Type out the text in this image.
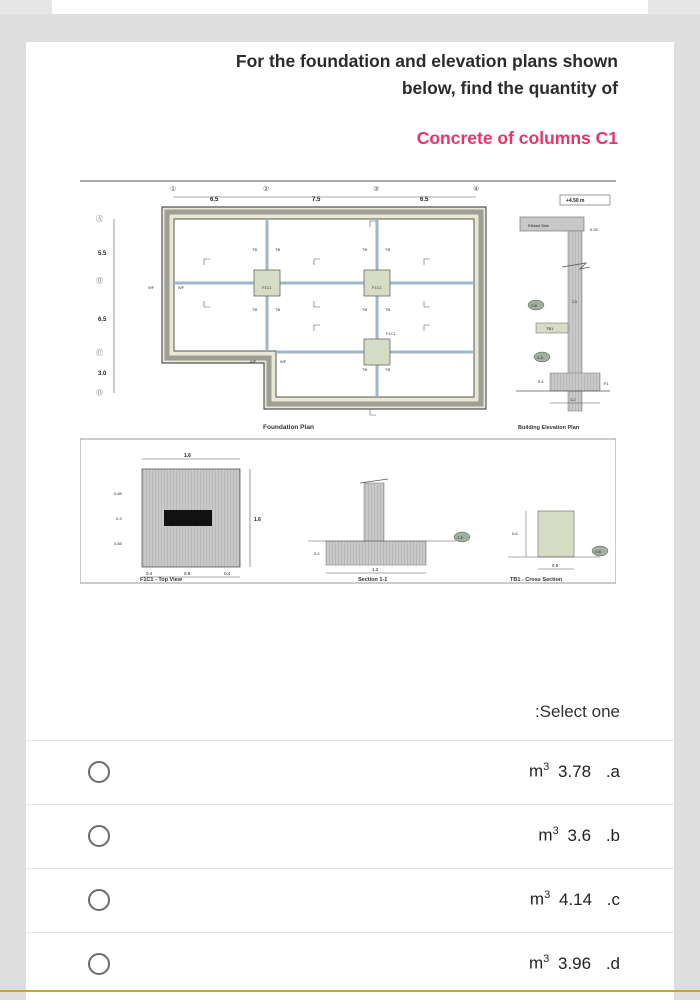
For the foundation and elevation plans shown
below, find the quantity of
Concrete of columns C1
①	②	③	④
6.5	7.5	6.5
Ⓐ
Ⓑ
Ⓒ
Ⓓ
5.5
6.5
3.0
F1C1	F1C1
F1C1
TB	TB	TB	TB
TB	TB	TB	TB
TB	TB
WF	WF
WF	WF
Foundation Plan
+4.50 m
Ribbed Slab
0.25
C1
TB1
-0.8
-1.5
F1
0.4
1.2
Building Elevation Plan
1.6
1.6
0.4	0.8	0.4
0.65
0.3
0.65
F1C1 - Top View
1.2
0.4
-1.5
Section 1-1
0.6
0.5
-0.8
TB1 - Cross Section
:Select one
$m^3$ 3.78 .a
$m^3$ 3.6 .b
$m^3$ 4.14 .c
$m^3$ 3.96 .d
